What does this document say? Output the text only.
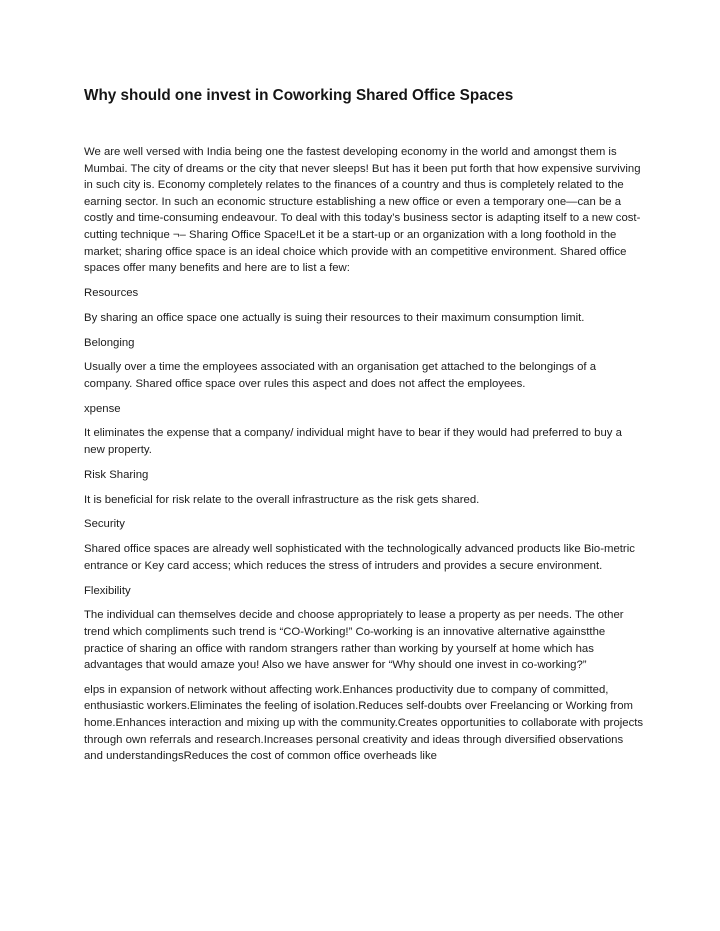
Why should one invest in Coworking Shared Office Spaces

We are well versed with India being one the fastest developing economy in the world and amongst them is Mumbai. The city of dreams or the city that never sleeps! But has it been put forth that how expensive surviving in such city is. Economy completely relates to the finances of a country and thus is completely related to the earning sector. In such an economic structure establishing a new office or even a temporary one—can be a costly and time-consuming endeavour. To deal with this today’s business sector is adapting itself to a new cost- cutting technique ¬– Sharing Office Space!Let it be a start-up or an organization with a long foothold in the market; sharing office space is an ideal choice which provide with an competitive environment. Shared office spaces offer many benefits and here are to list a few:

Resources

By sharing an office space one actually is suing their resources to their maximum consumption limit.

Belonging

Usually over a time the employees associated with an organisation get attached to the belongings of a company. Shared office space over rules this aspect and does not affect the employees.

xpense

It eliminates the expense that a company/ individual might have to bear if they would had preferred to buy a new property.

Risk Sharing

It is beneficial for risk relate to the overall infrastructure as the risk gets shared.

Security

Shared office spaces are already well sophisticated with the technologically advanced products like Bio-metric entrance or Key card access; which reduces the stress of intruders and provides a secure environment.

Flexibility

The individual can themselves decide and choose appropriately to lease a property as per needs. The other trend which compliments such trend is “CO-Working!” Co-working is an innovative alternative againstthe practice of sharing an office with random strangers rather than working by yourself at home which has advantages that would amaze you! Also we have answer for “Why should one invest in co-working?”

elps in expansion of network without affecting work.Enhances productivity due to company of committed, enthusiastic workers.Eliminates the feeling of isolation.Reduces self-doubts over Freelancing or Working from home.Enhances interaction and mixing up with the community.Creates opportunities to collaborate with projects through own referrals and research.Increases personal creativity and ideas through diversified observations and understandingsReduces the cost of common office overheads like
